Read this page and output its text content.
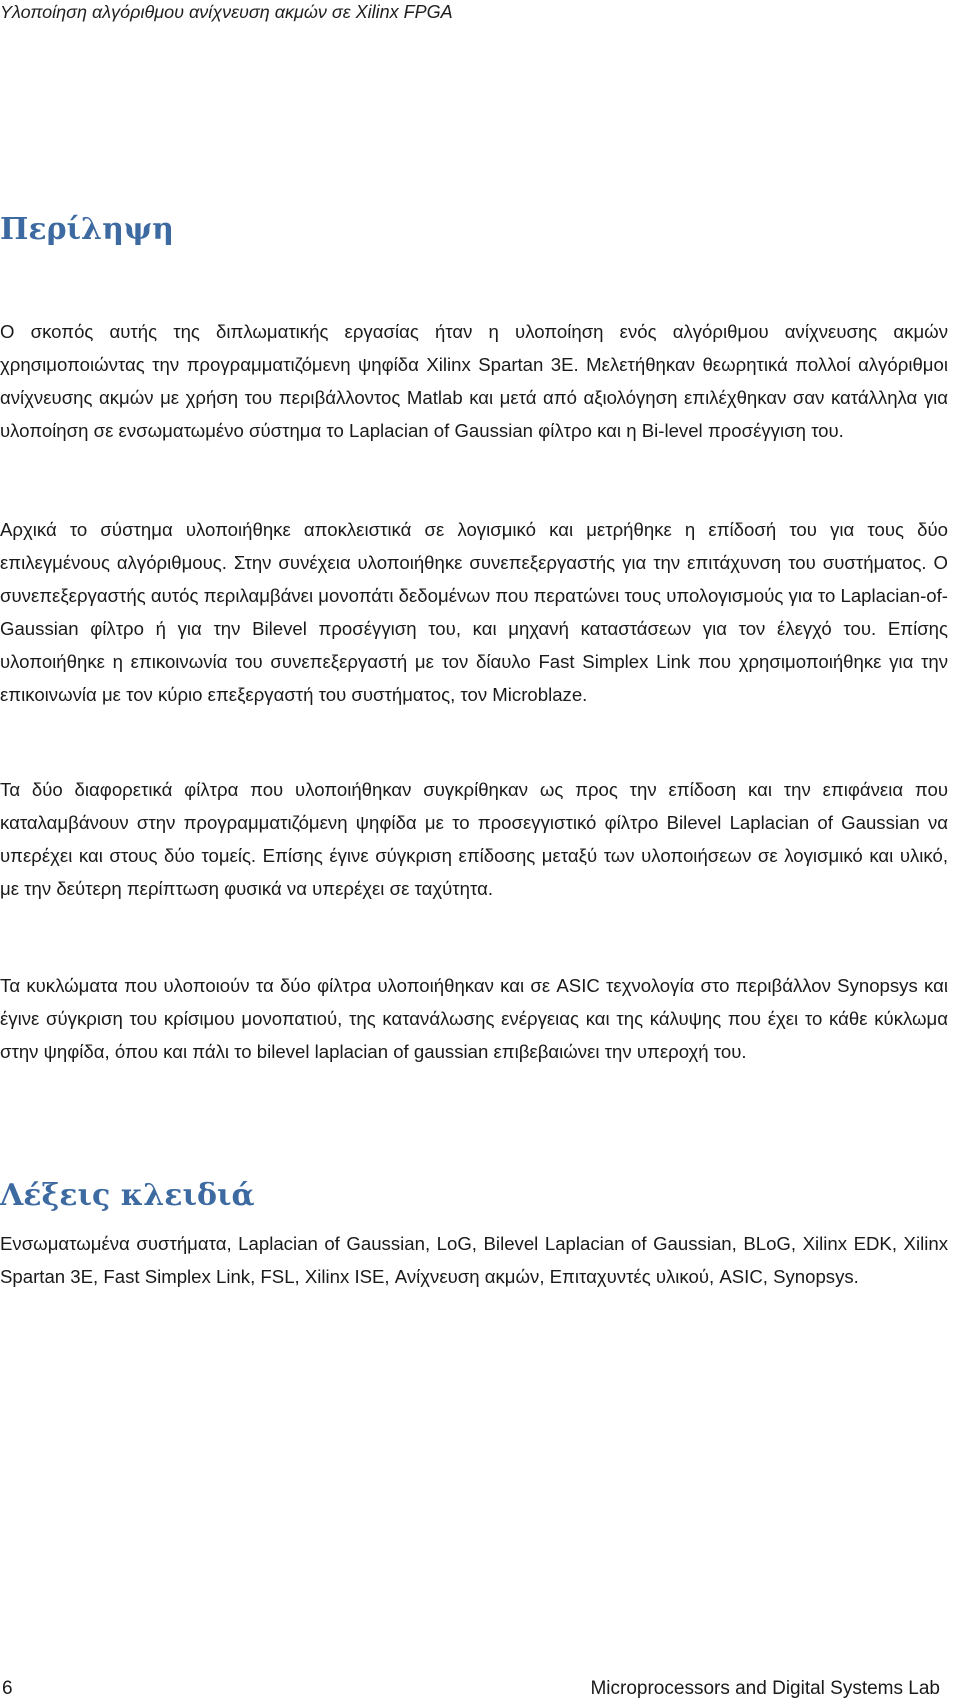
Υλοποίηση αλγόριθμου ανίχνευση ακμών σε Xilinx FPGA
Περίληψη

Ο σκοπός αυτής της διπλωματικής εργασίας ήταν η υλοποίηση ενός αλγόριθμου ανίχνευσης ακμών χρησιμοποιώντας την προγραμματιζόμενη ψηφίδα Xilinx Spartan 3E. Μελετήθηκαν θεωρητικά πολλοί αλγόριθμοι ανίχνευσης ακμών με χρήση του περιβάλλοντος Matlab και μετά από αξιολόγηση επιλέχθηκαν σαν κατάλληλα για υλοποίηση σε ενσωματωμένο σύστημα το Laplacian of Gaussian φίλτρο και η Bi-level προσέγγιση του.

Αρχικά το σύστημα υλοποιήθηκε αποκλειστικά σε λογισμικό και μετρήθηκε η επίδοσή του για τους δύο επιλεγμένους αλγόριθμους. Στην συνέχεια υλοποιήθηκε συνεπεξεργαστής για την επιτάχυνση του συστήματος. Ο συνεπεξεργαστής αυτός περιλαμβάνει μονοπάτι δεδομένων που περατώνει τους υπολογισμούς για το Laplacian-of-Gaussian φίλτρο ή για την Bilevel προσέγγιση του, και μηχανή καταστάσεων για τον έλεγχό του. Επίσης υλοποιήθηκε η επικοινωνία του συνεπεξεργαστή με τον δίαυλο Fast Simplex Link που χρησιμοποιήθηκε για την επικοινωνία με τον κύριο επεξεργαστή του συστήματος, τον Microblaze.

Τα δύο διαφορετικά φίλτρα που υλοποιήθηκαν συγκρίθηκαν ως προς την επίδοση και την επιφάνεια που καταλαμβάνουν στην προγραμματιζόμενη ψηφίδα με το προσεγγιστικό φίλτρο Bilevel Laplacian of Gaussian να υπερέχει και στους δύο τομείς. Επίσης έγινε σύγκριση επίδοσης μεταξύ των υλοποιήσεων σε λογισμικό και υλικό, με την δεύτερη περίπτωση φυσικά να υπερέχει σε ταχύτητα.

Τα κυκλώματα που υλοποιούν τα δύο φίλτρα υλοποιήθηκαν και σε ASIC τεχνολογία στο περιβάλλον Synopsys και έγινε σύγκριση του κρίσιμου μονοπατιού, της κατανάλωσης ενέργειας και της κάλυψης που έχει το κάθε κύκλωμα στην ψηφίδα, όπου και πάλι το bilevel laplacian of gaussian επιβεβαιώνει την υπεροχή του.

Λέξεις κλειδιά

Ενσωματωμένα συστήματα, Laplacian of Gaussian, LoG, Bilevel Laplacian of Gaussian, BLoG, Xilinx EDK, Xilinx Spartan 3E, Fast Simplex Link, FSL, Xilinx ISE, Ανίχνευση ακμών, Επιταχυντές υλικού, ASIC, Synopsys.

6	Microprocessors and Digital Systems Lab
